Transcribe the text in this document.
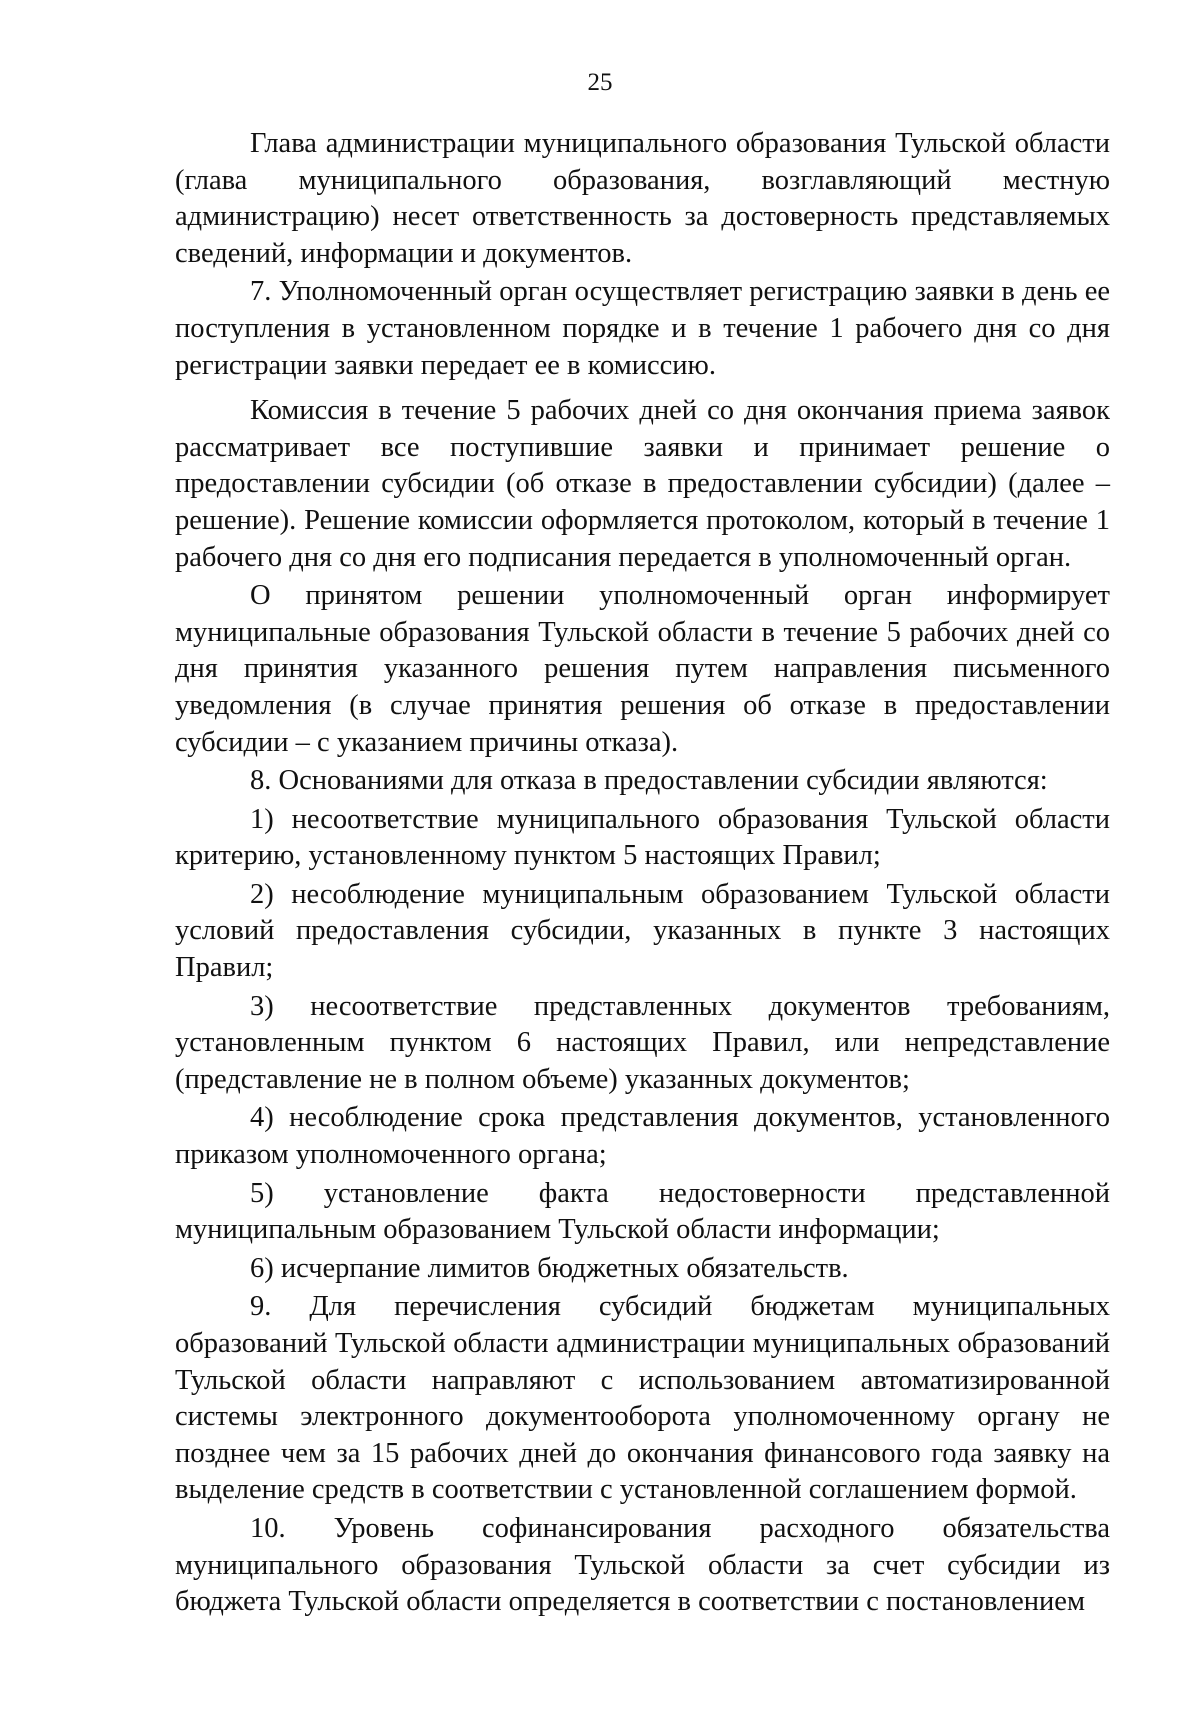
25

Глава администрации муниципального образования Тульской области (глава муниципального образования, возглавляющий местную администрацию) несет ответственность за достоверность представляемых сведений, информации и документов.

7. Уполномоченный орган осуществляет регистрацию заявки в день ее поступления в установленном порядке и в течение 1 рабочего дня со дня регистрации заявки передает ее в комиссию.

Комиссия в течение 5 рабочих дней со дня окончания приема заявок рассматривает все поступившие заявки и принимает решение о предоставлении субсидии (об отказе в предоставлении субсидии) (далее – решение). Решение комиссии оформляется протоколом, который в течение 1 рабочего дня со дня его подписания передается в уполномоченный орган.

О принятом решении уполномоченный орган информирует муниципальные образования Тульской области в течение 5 рабочих дней со дня принятия указанного решения путем направления письменного уведомления (в случае принятия решения об отказе в предоставлении субсидии – с указанием причины отказа).

8. Основаниями для отказа в предоставлении субсидии являются:

1) несоответствие муниципального образования Тульской области критерию, установленному пунктом 5 настоящих Правил;

2) несоблюдение муниципальным образованием Тульской области условий предоставления субсидии, указанных в пункте 3 настоящих Правил;

3) несоответствие представленных документов требованиям, установленным пунктом 6 настоящих Правил, или непредставление (представление не в полном объеме) указанных документов;

4) несоблюдение срока представления документов, установленного приказом уполномоченного органа;

5) установление факта недостоверности представленной муниципальным образованием Тульской области информации;

6) исчерпание лимитов бюджетных обязательств.

9. Для перечисления субсидий бюджетам муниципальных образований Тульской области администрации муниципальных образований Тульской области направляют с использованием автоматизированной системы электронного документооборота уполномоченному органу не позднее чем за 15 рабочих дней до окончания финансового года заявку на выделение средств в соответствии с установленной соглашением формой.

10. Уровень софинансирования расходного обязательства муниципального образования Тульской области за счет субсидии из бюджета Тульской области определяется в соответствии с постановлением
